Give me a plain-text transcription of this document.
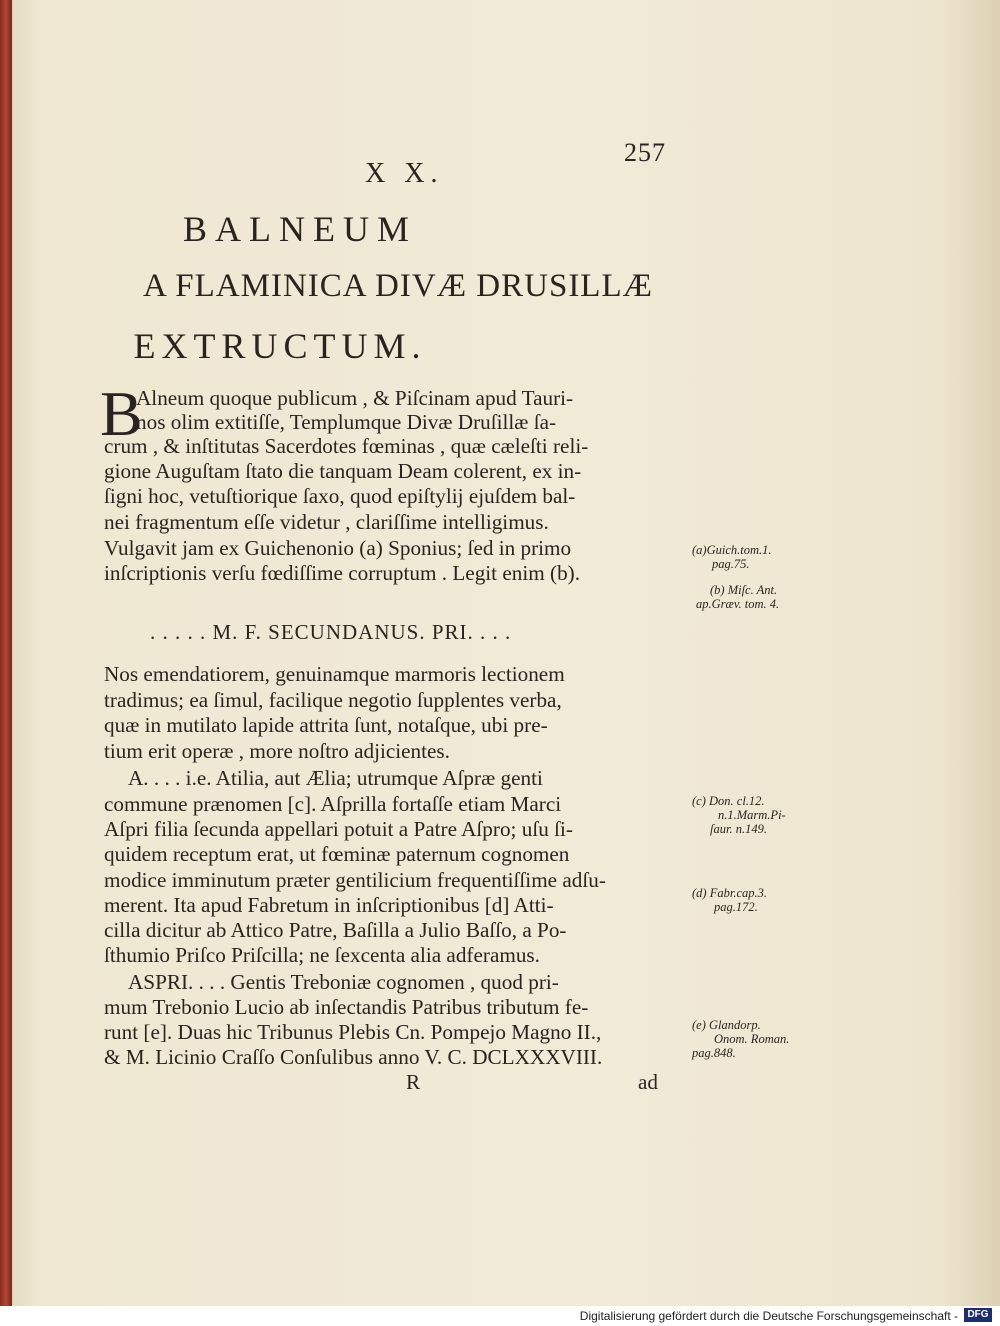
257
X X.
BALNEUM
A FLAMINICA DIVÆ DRUSILLÆ
EXTRUCTUM.
B
Alneum quoque publicum , & Piſcinam apud Tauri-
nos olim extitiſſe, Templumque Divæ Druſillæ ſa-
crum , & inſtitutas Sacerdotes fœminas , quæ cæleſti reli-
gione Auguſtam ſtato die tanquam Deam colerent, ex in-
ſigni hoc, vetuſtiorique ſaxo, quod epiſtylij ejuſdem bal-
nei fragmentum eſſe videtur , clariſſime intelligimus.
Vulgavit jam ex Guichenonio (a) Sponius; ſed in primo
inſcriptionis verſu fœdiſſime corruptum . Legit enim (b).
. . . . . M. F. SECUNDANUS. PRI. . . .
Nos emendatiorem, genuinamque marmoris lectionem
tradimus; ea ſimul, facilique negotio ſupplentes verba,
quæ in mutilato lapide attrita ſunt, notaſque, ubi pre-
tium erit operæ , more noſtro adjicientes.
A. . . . i.e. Atilia, aut Ælia; utrumque Aſpræ genti
commune prænomen [c]. Aſprilla fortaſſe etiam Marci
Aſpri filia ſecunda appellari potuit a Patre Aſpro; uſu ſi-
quidem receptum erat, ut fœminæ paternum cognomen
modice imminutum præter gentilicium frequentiſſime adſu-
merent. Ita apud Fabretum in inſcriptionibus [d] Atti-
cilla dicitur ab Attico Patre, Baſilla a Julio Baſſo, a Po-
ſthumio Priſco Priſcilla; ne ſexcenta alia adferamus.
ASPRI. . . . Gentis Treboniæ cognomen , quod pri-
mum Trebonio Lucio ab inſectandis Patribus tributum fe-
runt [e]. Duas hic Tribunus Plebis Cn. Pompejo Magno II.,
& M. Licinio Craſſo Conſulibus anno V. C. DCLXXXVIII.
R	ad
(a)Guich.tom.1.
pag.75.
(b) Miſc. Ant.
ap.Græv. tom. 4.
(c) Don. cl.12.
n.1.Marm.Pi-
ſaur. n.149.
(d) Fabr.cap.3.
pag.172.
(e) Glandorp.
Onom. Roman.
pag.848.
Digitalisierung gefördert durch die Deutsche Forschungsgemeinschaft - DFG
